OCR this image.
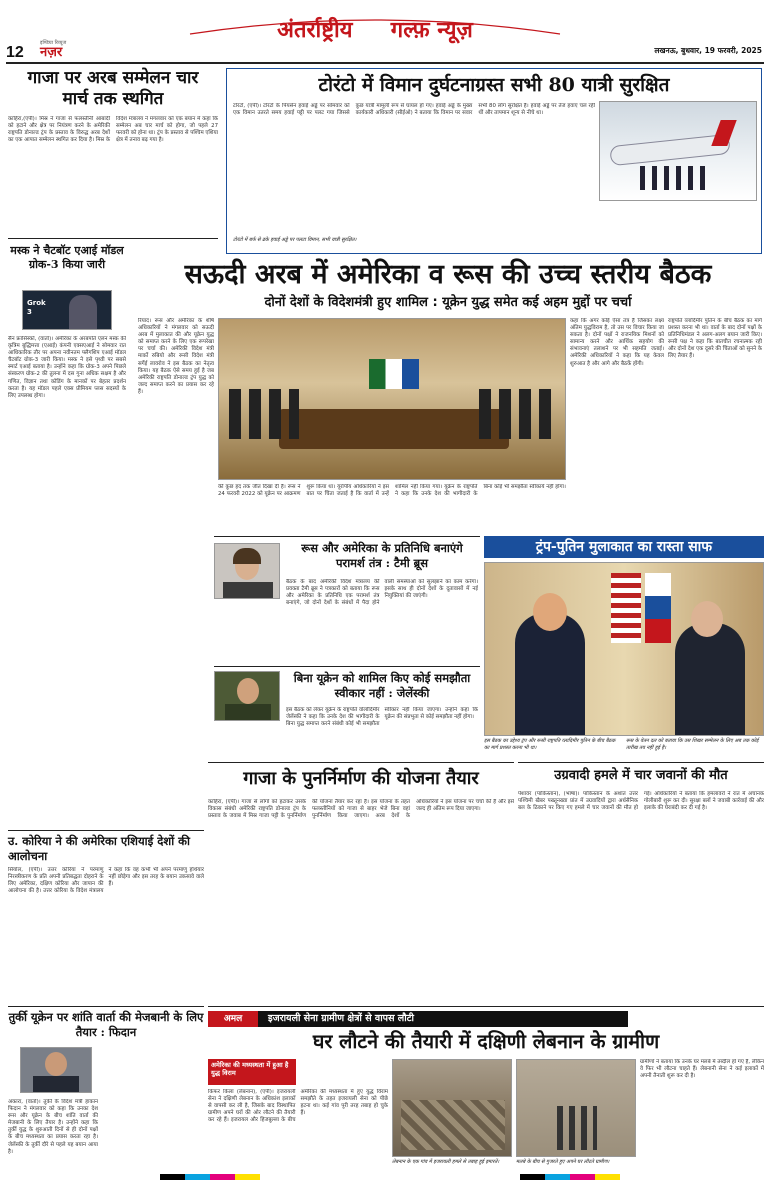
12
इण्डिया रिव्यूज
नज़र
अंतर्राष्ट्रीय     गल्फ़ न्यूज़
लखनऊ, बुधवार, 19 फरवरी, 2025
गाजा पर अरब सम्मेलन चार मार्च तक स्थगित
काहिरा,(एपी)। मिस्र ने गाजा से फलस्तीनी आबादी को हटाने और क्षेत्र पर नियंत्रण करने के अमेरिकी राष्ट्रपति डोनाल्ड ट्रंप के प्रस्ताव के विरुद्ध अरब देशों का एक आपात सम्मेलन स्थगित कर दिया है। मिस्र के विदेश मंत्रालय ने मंगलवार को एक बयान में कहा कि सम्मेलन अब चार मार्च को होगा, जो पहले 27 फरवरी को होना था। ट्रंप के प्रस्ताव से पश्चिम एशिया क्षेत्र में तनाव बढ़ गया है।
मस्क ने चैटबॉट एआई मॉडल ग्रोक-3 किया जारी
Grok 3
सैन फ्रांसिस्को, (वार्ता)। अमेरिका के अरबपति एलन मस्क की कृत्रिम बुद्धिमत्ता (एआई) कंपनी एक्सएआई ने सोमवार रात आधिकारिक तौर पर अपना नवीनतम फ्लैगशिप एआई मॉडल चैटबॉट ग्रोक-3 जारी किया। मस्क ने इसे पृथ्वी पर सबसे स्मार्ट एआई बताया है। उन्होंने कहा कि ग्रोक-3 अपने पिछले संस्करण ग्रोक-2 की तुलना में दस गुना अधिक सक्षम है और गणित, विज्ञान तथा कोडिंग के मानकों पर बेहतर प्रदर्शन करता है। यह मॉडल पहले एक्स प्रीमियम प्लस सदस्यों के लिए उपलब्ध होगा।
टोरंटो में विमान दुर्घटनाग्रस्त सभी 80 यात्री सुरक्षित
टोरंटो, (एपी)। टोरंटो के पियर्सन हवाई अड्डे पर सोमवार को एक विमान उतरते समय हवाई पट्टी पर पलट गया जिससे कुछ यात्री मामूली रूप से घायल हो गए। हवाई अड्डे के मुख्य कार्यकारी अधिकारी (सीईओ) ने बताया कि विमान पर सवार सभी 80 लोग सुरक्षित हैं। हवाई अड्डे पर तेज हवाएं चल रही थीं और तापमान शून्य से नीचे था।
टोरंटो में बर्फ से ढके हवाई अड्डे पर पलटा विमान, सभी यात्री सुरक्षित।
सऊदी अरब में अमेरिका व रूस की उच्च स्तरीय बैठक
दोनों देशों के विदेशमंत्री हुए शामिल : यूक्रेन युद्ध समेत कई अहम मुद्दों पर चर्चा
रियाद। रूस और अमेरिका के शीर्ष अधिकारियों ने मंगलवार को सऊदी अरब में मुलाकात की और यूक्रेन युद्ध को समाप्त करने के लिए एक रूपरेखा पर चर्चा की। अमेरिकी विदेश मंत्री मार्को रुबियो और रूसी विदेश मंत्री सर्गेई लावरोव ने इस बैठक का नेतृत्व किया। यह बैठक ऐसे समय हुई है जब अमेरिकी राष्ट्रपति डोनाल्ड ट्रंप युद्ध को जल्द समाप्त करने का प्रयास कर रहे हैं।
की कुछ हद तक जीत दिखा दी है। रूस ने 24 फरवरी 2022 को यूक्रेन पर आक्रमण शुरू किया था। यूरोपीय अधिकारियों ने इस बात पर चिंता जताई है कि वार्ता में उन्हें शामिल नहीं किया गया। यूक्रेन के राष्ट्रपति ने कहा कि उनके देश की भागीदारी के बिना कोई भी समझौता स्वीकार्य नहीं होगा।
कहा कि अगर कोई ऐसा तंत्र है जिसका लक्ष्य अंतिम युद्धविराम है, तो उस पर विचार किया जा सकता है। दोनों पक्षों ने राजनयिक मिशनों को सामान्य करने और आर्थिक सहयोग की संभावनाएं तलाशने पर भी सहमति जताई। अमेरिकी अधिकारियों ने कहा कि यह केवल शुरुआत है और आगे और बैठकें होंगी।
राष्ट्रपति व्लादिमीर पुतिन के बीच बैठक का मार्ग प्रशस्त करना भी था। वार्ता के बाद दोनों पक्षों के प्रतिनिधिमंडल ने अलग-अलग बयान जारी किए। रूसी पक्ष ने कहा कि बातचीत रचनात्मक रही और दोनों देश एक दूसरे की चिंताओं को सुनने के लिए तैयार हैं।
रूस और अमेरिका के प्रतिनिधि बनाएंगे परामर्श तंत्र : टैमी ब्रूस
बैठक के बाद अमेरिकी विदेश मंत्रालय की प्रवक्ता टैमी ब्रूस ने पत्रकारों को बताया कि रूस और अमेरिका के प्रतिनिधि एक परामर्श तंत्र बनाएंगे, जो दोनों देशों के संबंधों में पैदा होने वाली समस्याओं को सुलझाने का काम करेगा। इसके साथ ही दोनों देशों के दूतावासों में नई नियुक्तियां की जाएंगी।
बिना यूक्रेन को शामिल किए कोई समझौता स्वीकार नहीं : जेलेंस्की
इस बैठक को लेकर यूक्रेन के राष्ट्रपति वोलोदिमीर जेलेंस्की ने कहा कि उनके देश की भागीदारी के बिना युद्ध समाप्त करने संबंधी कोई भी समझौता स्वीकार नहीं किया जाएगा। उन्होंने कहा कि यूक्रेन की संप्रभुता से कोई समझौता नहीं होगा।
ट्रंप-पुतिन मुलाकात का रास्ता साफ
इस बैठक का उद्देश्य ट्रंप और रूसी राष्ट्रपति व्लादिमीर पुतिन के बीच बैठक का मार्ग प्रशस्त करना भी था।
रूस के वेतन दल को बताया कि उस शिखर सम्मेलन के लिए अब तक कोई तारीख तय नहीं हुई है।
उ. कोरिया ने की अमेरिका एशियाई देशों की आलोचना
सियोल, (एपी)। उत्तर कोरिया ने परमाणु निरस्त्रीकरण के प्रति अपनी प्रतिबद्धता दोहराने के लिए अमेरिका, दक्षिण कोरिया और जापान की आलोचना की है। उत्तर कोरिया के विदेश मंत्रालय ने कहा कि वह कभी भी अपने परमाणु हथियार नहीं छोड़ेगा और इस तरह के बयान उकसावे वाले हैं।
गाजा के पुनर्निर्माण की योजना तैयार
काहिरा, (एपी)। गाजा से लोगों को हटाकर उसके विकास संबंधी अमेरिकी राष्ट्रपति डोनाल्ड ट्रंप के प्रस्ताव के जवाब में मिस्र गाजा पट्टी के पुनर्निर्माण की योजना तैयार कर रहा है। इस योजना के तहत फलस्तीनियों को गाजा से बाहर भेजे बिना वहां पुनर्निर्माण किया जाएगा। अरब देशों के अधिकारियों ने इस योजना पर चर्चा की है और इसे जल्द ही अंतिम रूप दिया जाएगा।
उग्रवादी हमले में चार जवानों की मौत
पेशावर (पाकिस्तान), (भाषा)। पाकिस्तान के अशांत उत्तर पश्चिमी खैबर पख्तूनख्वा प्रांत में उग्रवादियों द्वारा अर्धसैनिक बल के ठिकाने पर किए गए हमले में चार जवानों की मौत हो गई। अधिकारियों ने बताया कि हमलावरों ने रात में अचानक गोलीबारी शुरू कर दी। सुरक्षा बलों ने जवाबी कार्रवाई की और इलाके की घेराबंदी कर दी गई है।
तुर्की यूक्रेन पर शांति वार्ता की मेजबानी के लिए तैयार : फिदान
अंकारा, (वार्ता)। तुर्की के विदेश मंत्री हाकान फिदान ने मंगलवार को कहा कि उनका देश रूस और यूक्रेन के बीच शांति वार्ता की मेजबानी के लिए तैयार है। उन्होंने कहा कि तुर्की युद्ध के शुरुआती दिनों से ही दोनों पक्षों के बीच मध्यस्थता का प्रयास करता रहा है। जेलेंस्की के तुर्की दौरे से पहले यह बयान आया है।
अमल	इजरायली सेना ग्रामीण क्षेत्रों से वापस लौटी
घर लौटने की तैयारी में दक्षिणी लेबनान के ग्रामीण
अमेरिका की मध्यस्थता में हुआ है युद्ध विराम
किफर किला (लेबनान), (एपी)। इजरायली सेना ने दक्षिणी लेबनान के अधिकांश इलाकों से वापसी कर ली है, जिसके बाद विस्थापित ग्रामीण अपने घरों की ओर लौटने की तैयारी कर रहे हैं। इजरायल और हिजबुल्ला के बीच अमेरिका की मध्यस्थता में हुए युद्ध विराम समझौते के तहत इजरायली सेना को पीछे हटना था। कई गांव पूरी तरह तबाह हो चुके हैं।
लेबनान के एक गांव में इजरायली हमले से तबाह हुई इमारतें।	मलबे के बीच से गुजरते हुए अपने घर लौटते ग्रामीण।
ग्रामीणों ने बताया कि उनके घर मलबे में तब्दील हो गए हैं, लेकिन वे फिर भी लौटना चाहते हैं। लेबनानी सेना ने कई इलाकों में अपनी तैनाती शुरू कर दी है।
